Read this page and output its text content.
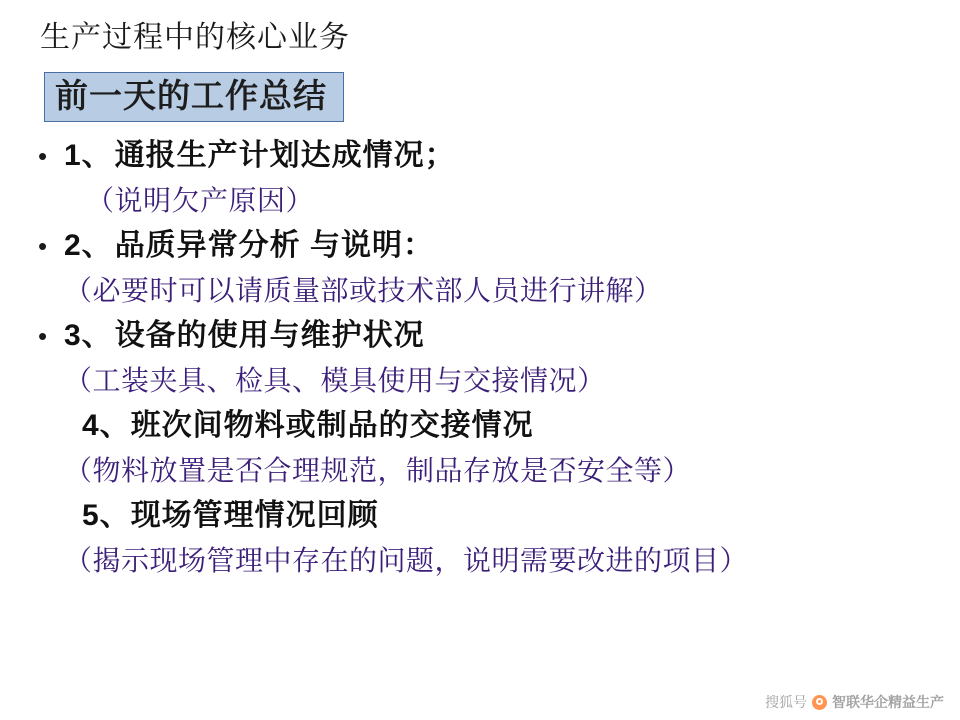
生产过程中的核心业务
前一天的工作总结
• 1、通报生产计划达成情况；
（说明欠产原因）
• 2、品质异常分析 与说明：
（必要时可以请质量部或技术部人员进行讲解）
• 3、设备的使用与维护状况
（工装夹具、检具、模具使用与交接情况）
4、班次间物料或制品的交接情况
（物料放置是否合理规范，制品存放是否安全等）
5、现场管理情况回顾
（揭示现场管理中存在的问题，说明需要改进的项目）
搜狐号 智联华企精益生产
